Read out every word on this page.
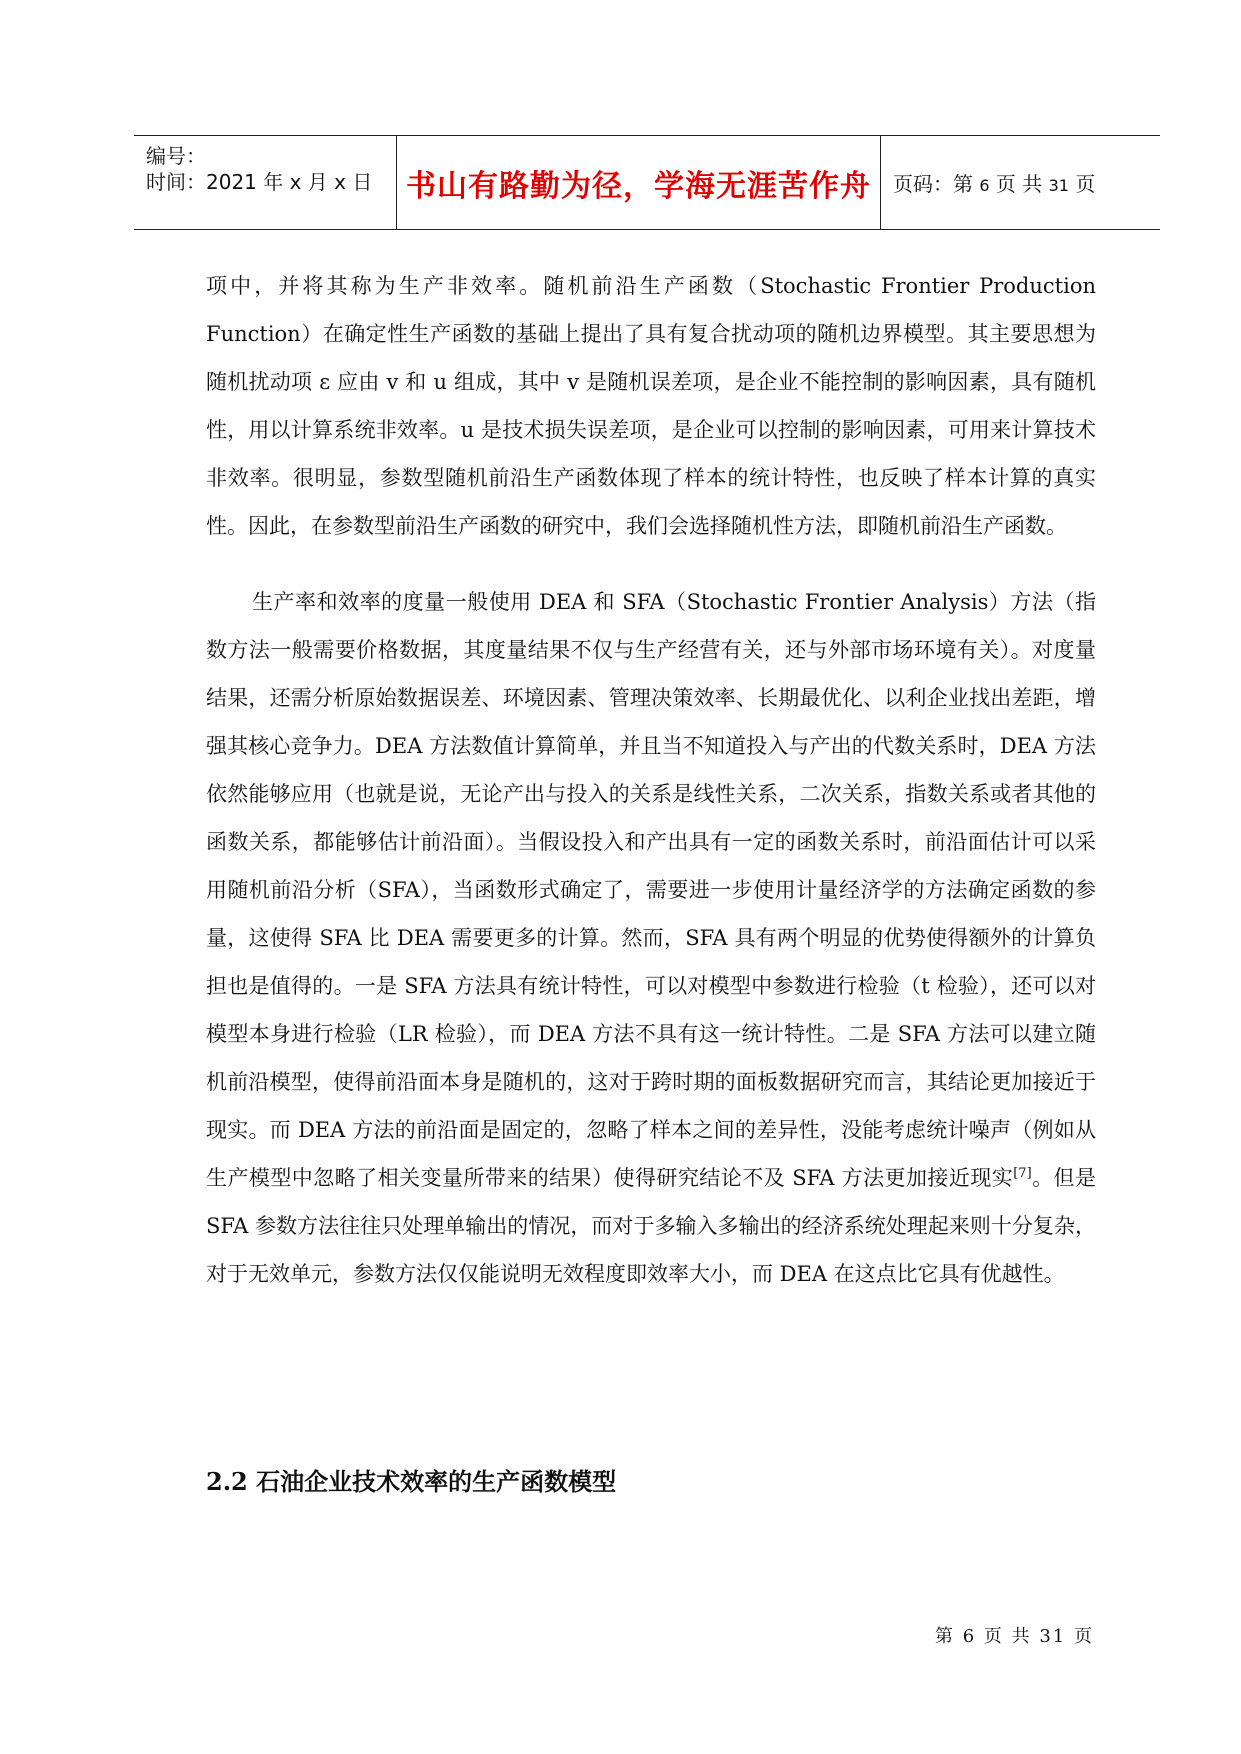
编号：
时间：2021 年 x 月 x 日 书山有路勤为径，学海无涯苦作舟 页码：第 6 页 共 31 页

项中，并将其称为生产非效率。随机前沿生产函数（Stochastic Frontier Production Function）在确定性生产函数的基础上提出了具有复合扰动项的随机边界模型。其主要思想为随机扰动项 ε 应由 v 和 u 组成，其中 v 是随机误差项，是企业不能控制的影响因素，具有随机性，用以计算系统非效率。u 是技术损失误差项，是企业可以控制的影响因素，可用来计算技术非效率。很明显，参数型随机前沿生产函数体现了样本的统计特性，也反映了样本计算的真实性。因此，在参数型前沿生产函数的研究中，我们会选择随机性方法，即随机前沿生产函数。

生产率和效率的度量一般使用 DEA 和 SFA（Stochastic Frontier Analysis）方法（指数方法一般需要价格数据，其度量结果不仅与生产经营有关，还与外部市场环境有关）。对度量结果，还需分析原始数据误差、环境因素、管理决策效率、长期最优化、以利企业找出差距，增强其核心竞争力。DEA 方法数值计算简单，并且当不知道投入与产出的代数关系时，DEA 方法依然能够应用（也就是说，无论产出与投入的关系是线性关系，二次关系，指数关系或者其他的函数关系，都能够估计前沿面）。当假设投入和产出具有一定的函数关系时，前沿面估计可以采用随机前沿分析（SFA），当函数形式确定了，需要进一步使用计量经济学的方法确定函数的参量，这使得 SFA 比 DEA 需要更多的计算。然而，SFA 具有两个明显的优势使得额外的计算负担也是值得的。一是 SFA 方法具有统计特性，可以对模型中参数进行检验（t 检验），还可以对模型本身进行检验（LR 检验），而 DEA 方法不具有这一统计特性。二是 SFA 方法可以建立随机前沿模型，使得前沿面本身是随机的，这对于跨时期的面板数据研究而言，其结论更加接近于现实。而 DEA 方法的前沿面是固定的，忽略了样本之间的差异性，没能考虑统计噪声（例如从生产模型中忽略了相关变量所带来的结果）使得研究结论不及 SFA 方法更加接近现实[7]。但是 SFA 参数方法往往只处理单输出的情况，而对于多输入多输出的经济系统处理起来则十分复杂，对于无效单元，参数方法仅仅能说明无效程度即效率大小，而 DEA 在这点比它具有优越性。

2.2 石油企业技术效率的生产函数模型
第 6 页 共 31 页
